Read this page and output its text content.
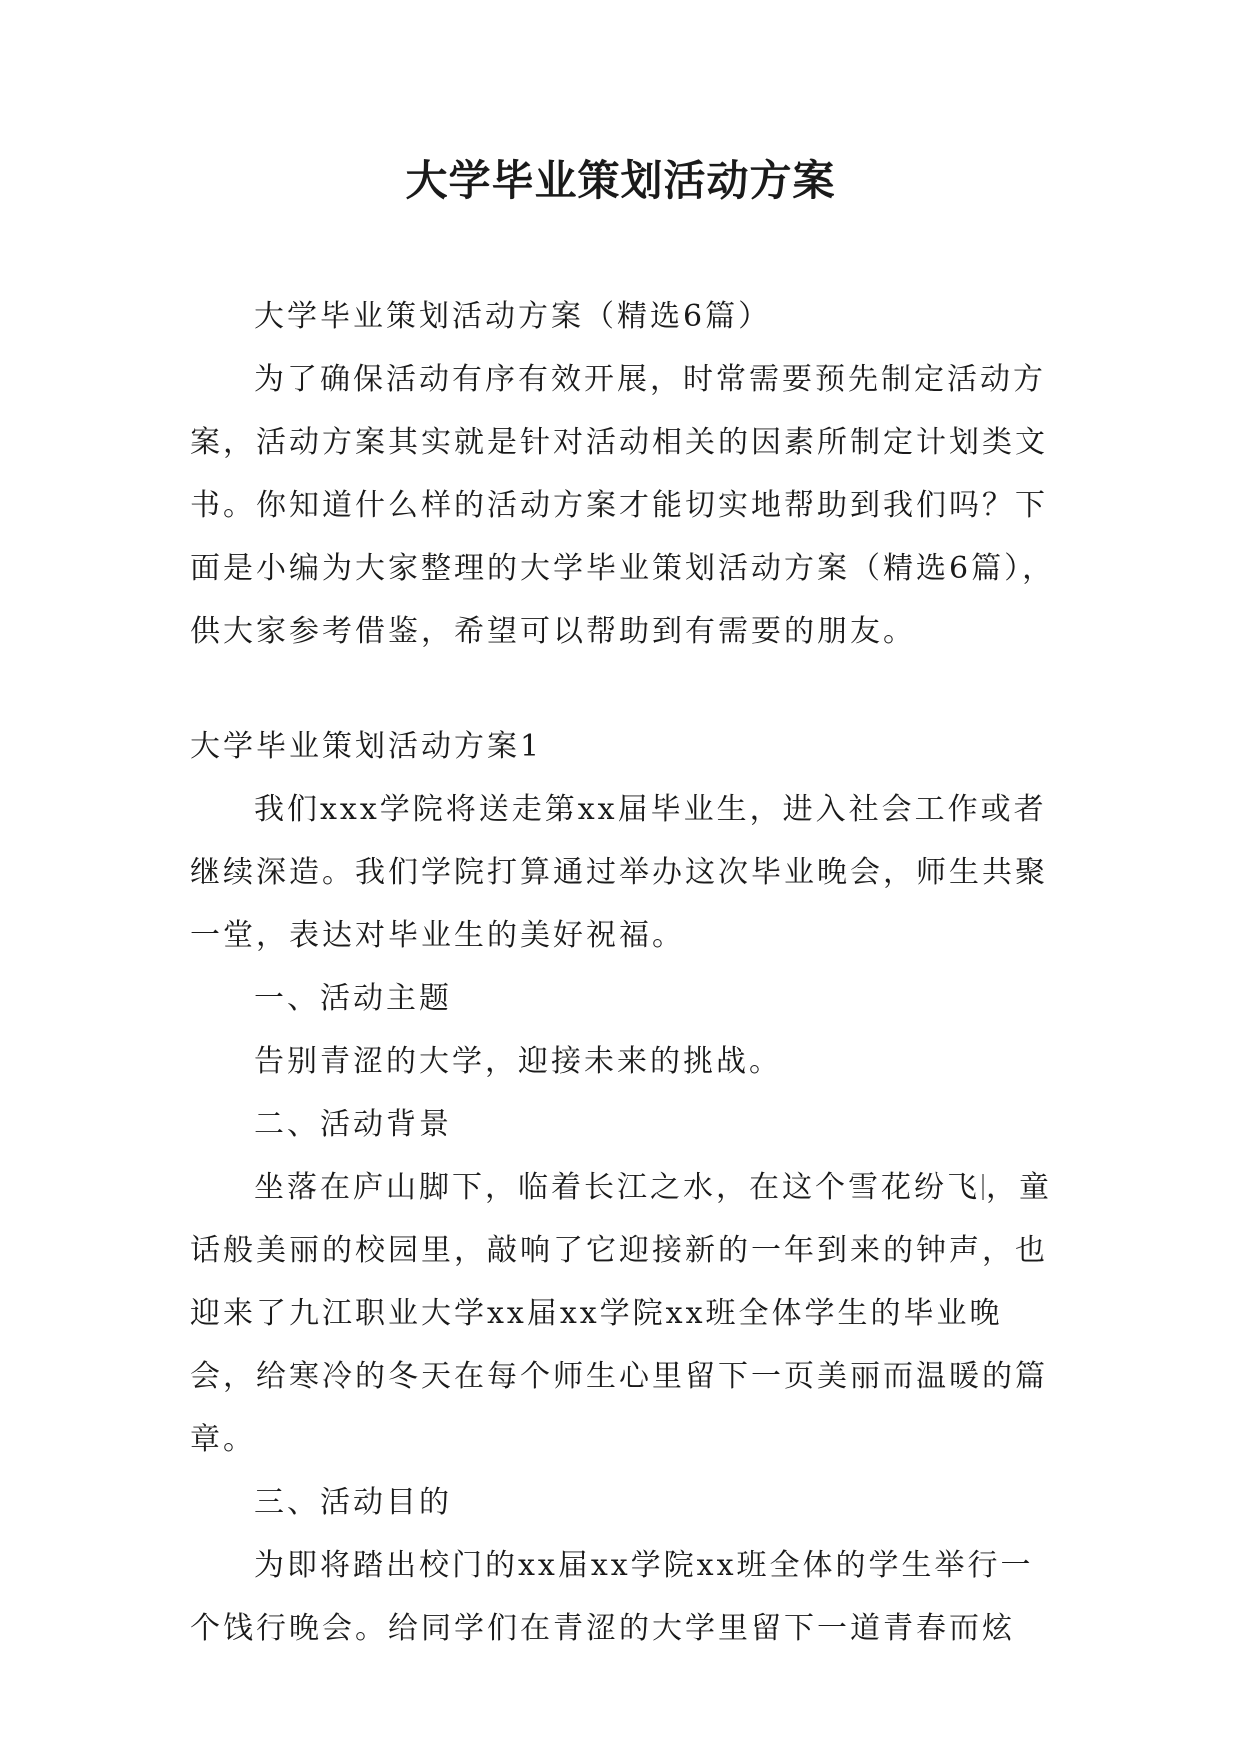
大学毕业策划活动方案

大学毕业策划活动方案（精选6篇）

为了确保活动有序有效开展，时常需要预先制定活动方案，活动方案其实就是针对活动相关的因素所制定计划类文书。你知道什么样的活动方案才能切实地帮助到我们吗？下面是小编为大家整理的大学毕业策划活动方案（精选6篇），供大家参考借鉴，希望可以帮助到有需要的朋友。

大学毕业策划活动方案1

我们xxx学院将送走第xx届毕业生，进入社会工作或者继续深造。我们学院打算通过举办这次毕业晚会，师生共聚一堂，表达对毕业生的美好祝福。

一、活动主题

告别青涩的大学，迎接未来的挑战。

二、活动背景

坐落在庐山脚下，临着长江之水，在这个雪花纷飞 ，童话般美丽的校园里，敲响了它迎接新的一年到来的钟声，也迎来了九江职业大学xx届xx学院xx班全体学生的毕业晚会，给寒冷的冬天在每个师生心里留下一页美丽而温暖的篇章。

三、活动目的

为即将踏出校门的xx届xx学院xx班全体的学生举行一个饯行晚会。给同学们在青涩的大学里留下一道青春而炫
